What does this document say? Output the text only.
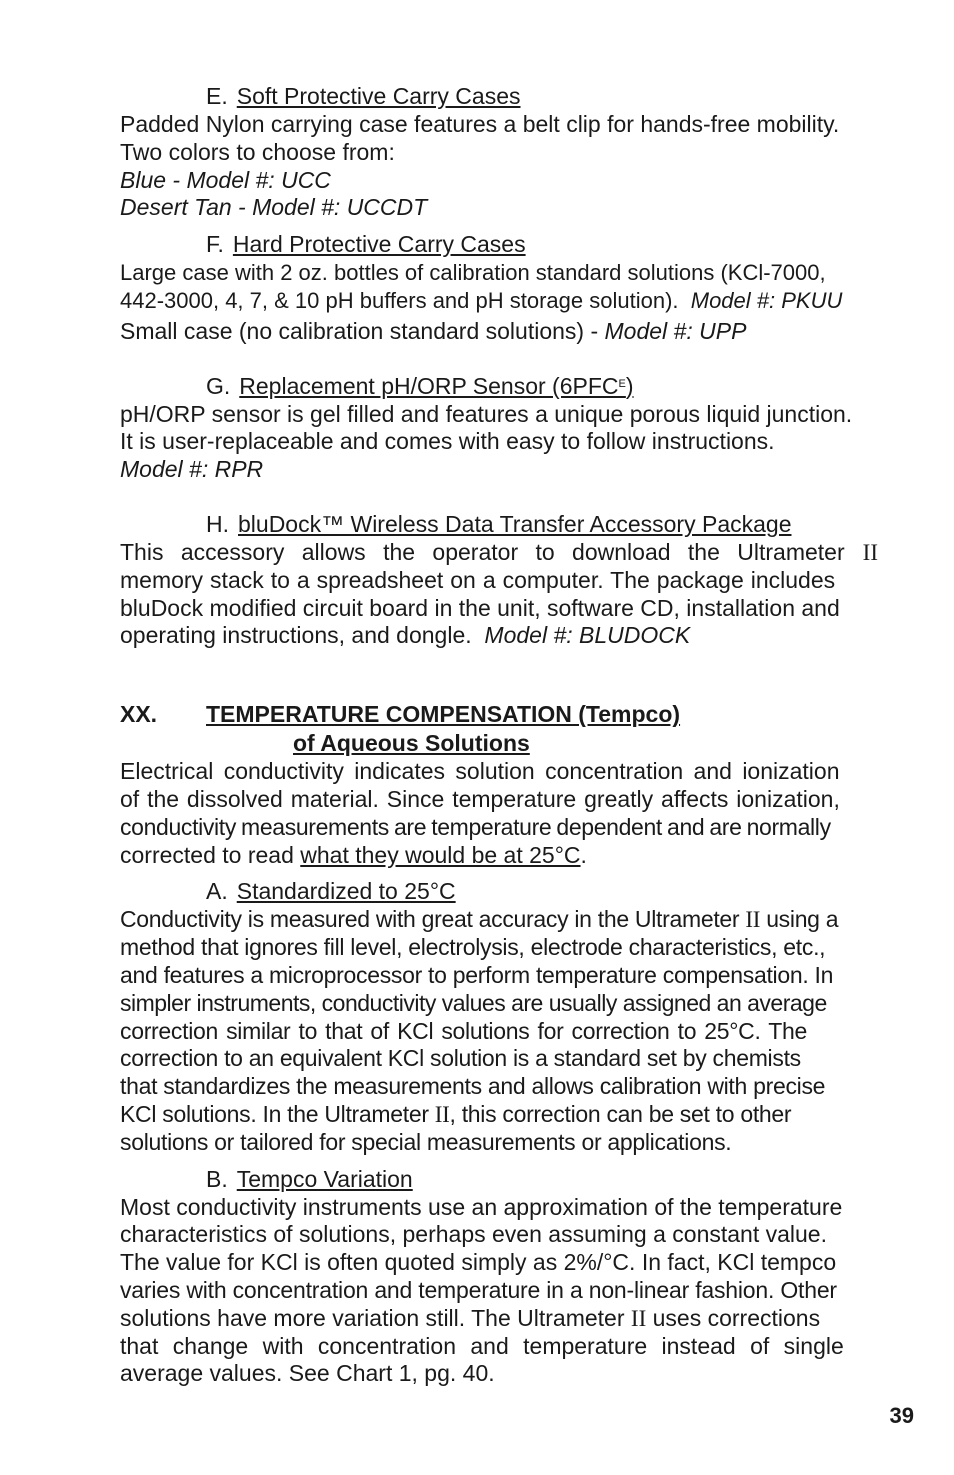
E. Soft Protective Carry Cases

Padded Nylon carrying case features a belt clip for hands-free mobility.
Two colors to choose from:
Blue - Model #: UCC
Desert Tan - Model #: UCCDT

F. Hard Protective Carry Cases

Large case with 2 oz. bottles of calibration standard solutions (KCl-7000,
442-3000, 4, 7, & 10 pH buffers and pH storage solution). Model #: PKUU
Small case (no calibration standard solutions) - Model #: UPP

G. Replacement pH/ORP Sensor $(6PFC^E)$

pH/ORP sensor is gel filled and features a unique porous liquid junction.
It is user-replaceable and comes with easy to follow instructions.
Model #: RPR

H. bluDock™ Wireless Data Transfer Accessory Package

This accessory allows the operator to download the Ultrameter II
memory stack to a spreadsheet on a computer. The package includes
bluDock modified circuit board in the unit, software CD, installation and
operating instructions, and dongle. Model #: BLUDOCK

XX. TEMPERATURE COMPENSATION (Tempco)
of Aqueous Solutions

Electrical conductivity indicates solution concentration and ionization
of the dissolved material. Since temperature greatly affects ionization,
conductivity measurements are temperature dependent and are normally
corrected to read what they would be at 25°C.

A. Standardized to 25°C

Conductivity is measured with great accuracy in the Ultrameter II using a
method that ignores fill level, electrolysis, electrode characteristics, etc.,
and features a microprocessor to perform temperature compensation. In
simpler instruments, conductivity values are usually assigned an average
correction similar to that of KCl solutions for correction to 25°C. The
correction to an equivalent KCl solution is a standard set by chemists
that standardizes the measurements and allows calibration with precise
KCl solutions. In the Ultrameter II, this correction can be set to other
solutions or tailored for special measurements or applications.

B. Tempco Variation

Most conductivity instruments use an approximation of the temperature
characteristics of solutions, perhaps even assuming a constant value.
The value for KCl is often quoted simply as 2%/°C. In fact, KCl tempco
varies with concentration and temperature in a non-linear fashion. Other
solutions have more variation still. The Ultrameter II uses corrections
that change with concentration and temperature instead of single
average values. See Chart 1, pg. 40.
39
